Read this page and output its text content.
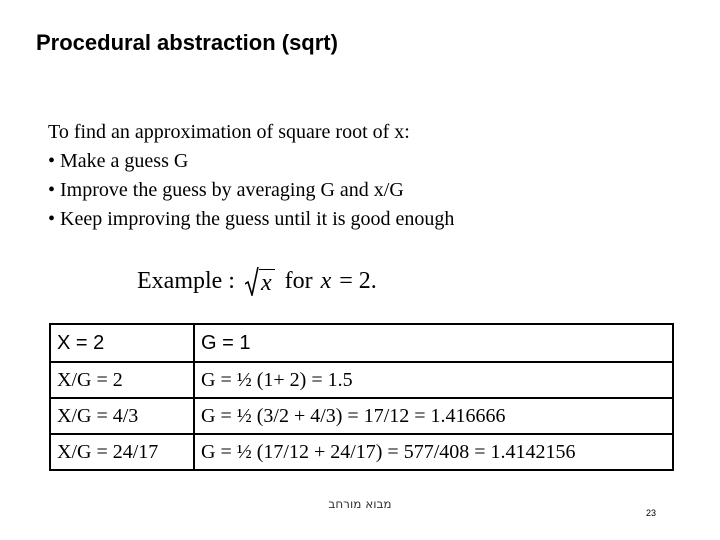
Procedural abstraction (sqrt)
To find an approximation of square root of x:
• Make a guess G
• Improve the guess by averaging G and x/G
• Keep improving the guess until it is good enough
Example : x for x = 2.
X = 2	G = 1
X/G = 2	G = ½ (1+ 2) = 1.5
X/G = 4/3	G = ½ (3/2 + 4/3) = 17/12 = 1.416666
X/G = 24/17	G = ½ (17/12 + 24/17) = 577/408 = 1.4142156
מבוא מורחב
23
